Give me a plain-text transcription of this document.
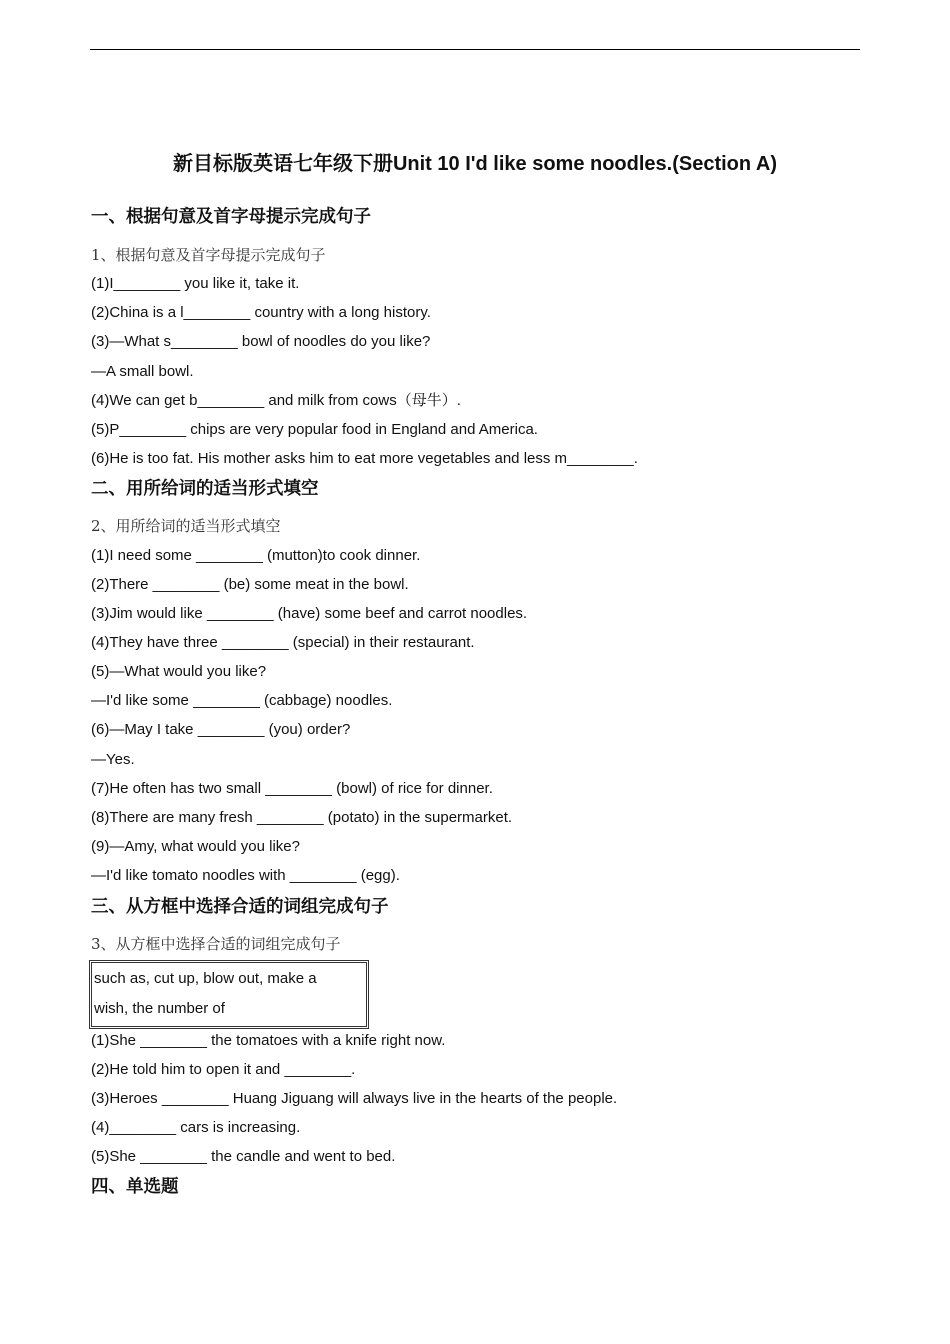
新目标版英语七年级下册Unit 10 I'd like some noodles.(Section A)
一、根据句意及首字母提示完成句子
1、根据句意及首字母提示完成句子
(1)I________ you like it, take it.
(2)China is a l________ country with a long history.
(3)—What s________ bowl of noodles do you like?
—A small bowl.
(4)We can get b________ and milk from cows（母牛）.
(5)P________ chips are very popular food in England and America.
(6)He is too fat. His mother asks him to eat more vegetables and less m________.
二、用所给词的适当形式填空
2、用所给词的适当形式填空
(1)I need some ________ (mutton)to cook dinner.
(2)There ________ (be) some meat in the bowl.
(3)Jim would like ________ (have) some beef and carrot noodles.
(4)They have three ________ (special) in their restaurant.
(5)—What would you like?
—I'd like some ________ (cabbage) noodles.
(6)—May I take ________ (you) order?
—Yes.
(7)He often has two small ________ (bowl) of rice for dinner.
(8)There are many fresh ________ (potato) in the supermarket.
(9)—Amy, what would you like?
—I'd like tomato noodles with ________ (egg).
三、从方框中选择合适的词组完成句子
3、从方框中选择合适的词组完成句子
such as, cut up, blow out, make a
wish, the number of
(1)She ________ the tomatoes with a knife right now.
(2)He told him to open it and ________.
(3)Heroes ________ Huang Jiguang will always live in the hearts of the people.
(4)________ cars is increasing.
(5)She ________ the candle and went to bed.
四、单选题
